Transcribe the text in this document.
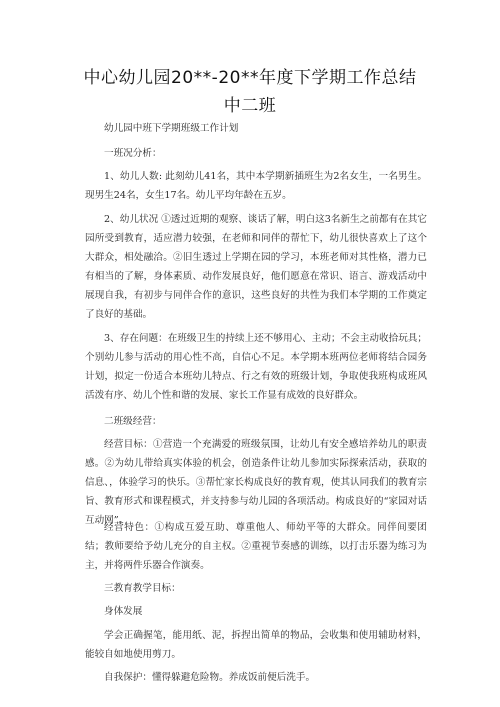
中心幼儿园20**-20**年度下学期工作总结
中二班
幼儿园中班下学期班级工作计划
一班况分析：
1、幼儿人数: 此刻幼儿41名，其中本学期新插班生为2名女生，一名男生。现男生24名，女生17名。幼儿平均年龄在五岁。
2、幼儿状况 ①透过近期的观察、谈话了解，明白这3名新生之前都有在其它园所受到教育，适应潜力较强，在老师和同伴的帮忙下，幼儿很快喜欢上了这个大群众，相处融洽。②旧生透过上学期在园的学习，本班老师对其性格，潜力已有相当的了解，身体素质、动作发展良好，他们愿意在常识、语言、游戏活动中展现自我，有初步与同伴合作的意识，这些良好的共性为我们本学期的工作奠定了良好的基础。
3、存在问题：在班级卫生的持续上还不够用心、主动；不会主动收拾玩具；个别幼儿参与活动的用心性不高，自信心不足。本学期本班两位老师将结合园务计划，拟定一份适合本班幼儿特点、行之有效的班级计划，争取使我班构成班风活泼有序、幼儿个性和谐的发展、家长工作显有成效的良好群众。
二班级经营：
经营目标：①营造一个充满爱的班级氛围，让幼儿有安全感培养幼儿的职责感。②为幼儿带给真实体验的机会，创造条件让幼儿参加实际探索活动，获取的信息、，体验学习的快乐。③帮忙家长构成良好的教育观，使其认同我们的教育宗旨、教育形式和课程模式，并支持参与幼儿园的各项活动。构成良好的“家园对话互动网”。
经营特色：①构成互爱互助、尊重他人、师幼平等的大群众。同伴间要团结；教师要给予幼儿充分的自主权。②重视节奏感的训练，以打击乐器为练习为主，并将两件乐器合作演奏。
三教育教学目标：
身体发展
学会正确握笔，能用纸、泥，拆捏出简单的物品，会收集和使用辅助材料，能较自如地使用剪刀。
自我保护：懂得躲避危险物。养成饭前便后洗手。
